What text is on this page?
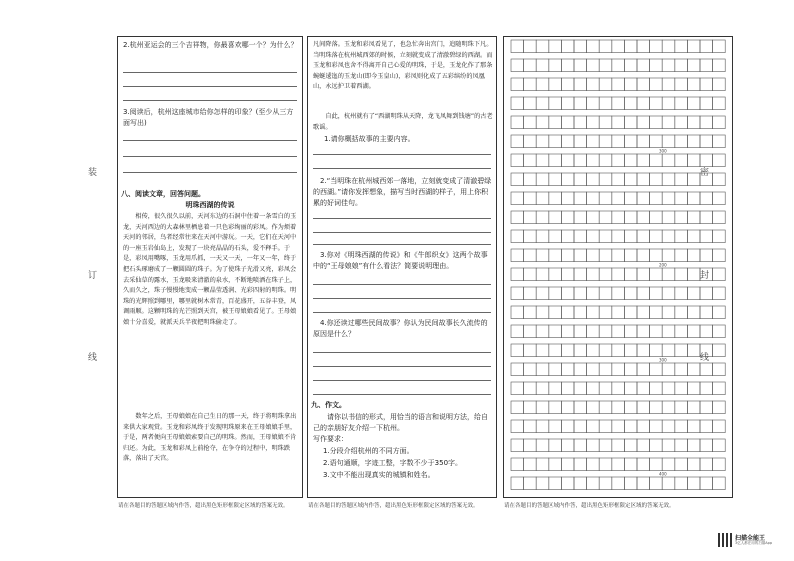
装
订
线
密
封
线
2.杭州亚运会的三个吉祥物，你最喜欢哪一个？为什么？
3.阅读后，杭州这座城市给你怎样的印象？(至少从三方面写出)
八、阅读文章，回答问题。
明珠西湖的传说
相传，很久很久以前，天河东边的石洞中住着一条雪白的玉龙，天河西边的大森林里栖息着一只色彩绚丽的彩凤。作为烦着天河的邻居，鸟者经常往来在天河中游玩。一天，它们在天河中的一座玉岩仙岛上，发现了一块亮晶晶的石头，爱不释手。于是，彩凤用嘴啄，玉龙用爪抓，一天又一天，一年又一年，终于把石头琢磨成了一颗圆圆的珠子。为了使珠子光滑又亮，彩凤会去采仙草的露水，玉龙吸来清澈的泉水，不断地喷洒在珠子上，久而久之，珠子慢慢地变成一颗晶莹透润、光彩四射的明珠。明珠的光辉照到哪里，哪里就树木常青，百花盛开，五谷丰登，风调雨顺。这颗明珠的光芒照到天宫，被王母娘娘看见了。王母娘娘十分喜爱，就派天兵半夜把明珠偷走了。
数年之后，王母娘娘在自己生日的那一天，终于将明珠拿出来供大家观赏。玉龙和彩凤终于发现明珠原来在王母娘娘手里，于是，两者便向王母娘娘索要自己的明珠。然而，王母娘娘不肯归还。为此，玉龙和彩凤上前抢夺，在争夺的过程中，明珠跌落，落出了天宫。
凡间降落。玉龙和彩凤看见了，也急忙奔出宫门，追随明珠下凡。当明珠落在杭州城西郊的时候，立刻就变成了清澈碧绿的西湖。而玉龙和彩凤也舍不得离开自己心爱的明珠，于是，玉龙化作了那条蜿蜒逶迤的玉龙山(即今玉皇山)，彩凤则化成了五彩缤纷的凤凰山，永远护卫着西湖。
自此，杭州就有了“西湖明珠从天降，龙飞凤舞到钱塘”的古老歌谣。
1.请你概括故事的主要内容。
2.“当明珠在杭州城西郊一落地，立刻就变成了清澈碧绿的西湖。”请你发挥想象，描写当时西湖的样子，用上你积累的好词佳句。
3.你对《明珠西湖的传说》和《牛郎织女》这两个故事中的“王母娘娘”有什么看法？简要说明理由。
4.你还读过哪些民间故事？你认为民间故事长久流传的原因是什么？
九、作文。
请你以书信的形式，用恰当的语言和说明方法，给自己的亲朋好友介绍一下杭州。
写作要求：
1.分段介绍杭州的不同方面。
2.语句通顺，字迹工整，字数不少于350字。
3.文中不能出现真实的城镇和姓名。
300
200
300
400
请在各题目的答题区域内作答，超出黑色矩形框限定区域的答案无效。	请在各题目的答题区域内作答，超出黑色矩形框限定区域的答案无效。	请在各题目的答题区域内作答，超出黑色矩形框限定区域的答案无效。
扫描全能王
3亿人都在用的扫描App
